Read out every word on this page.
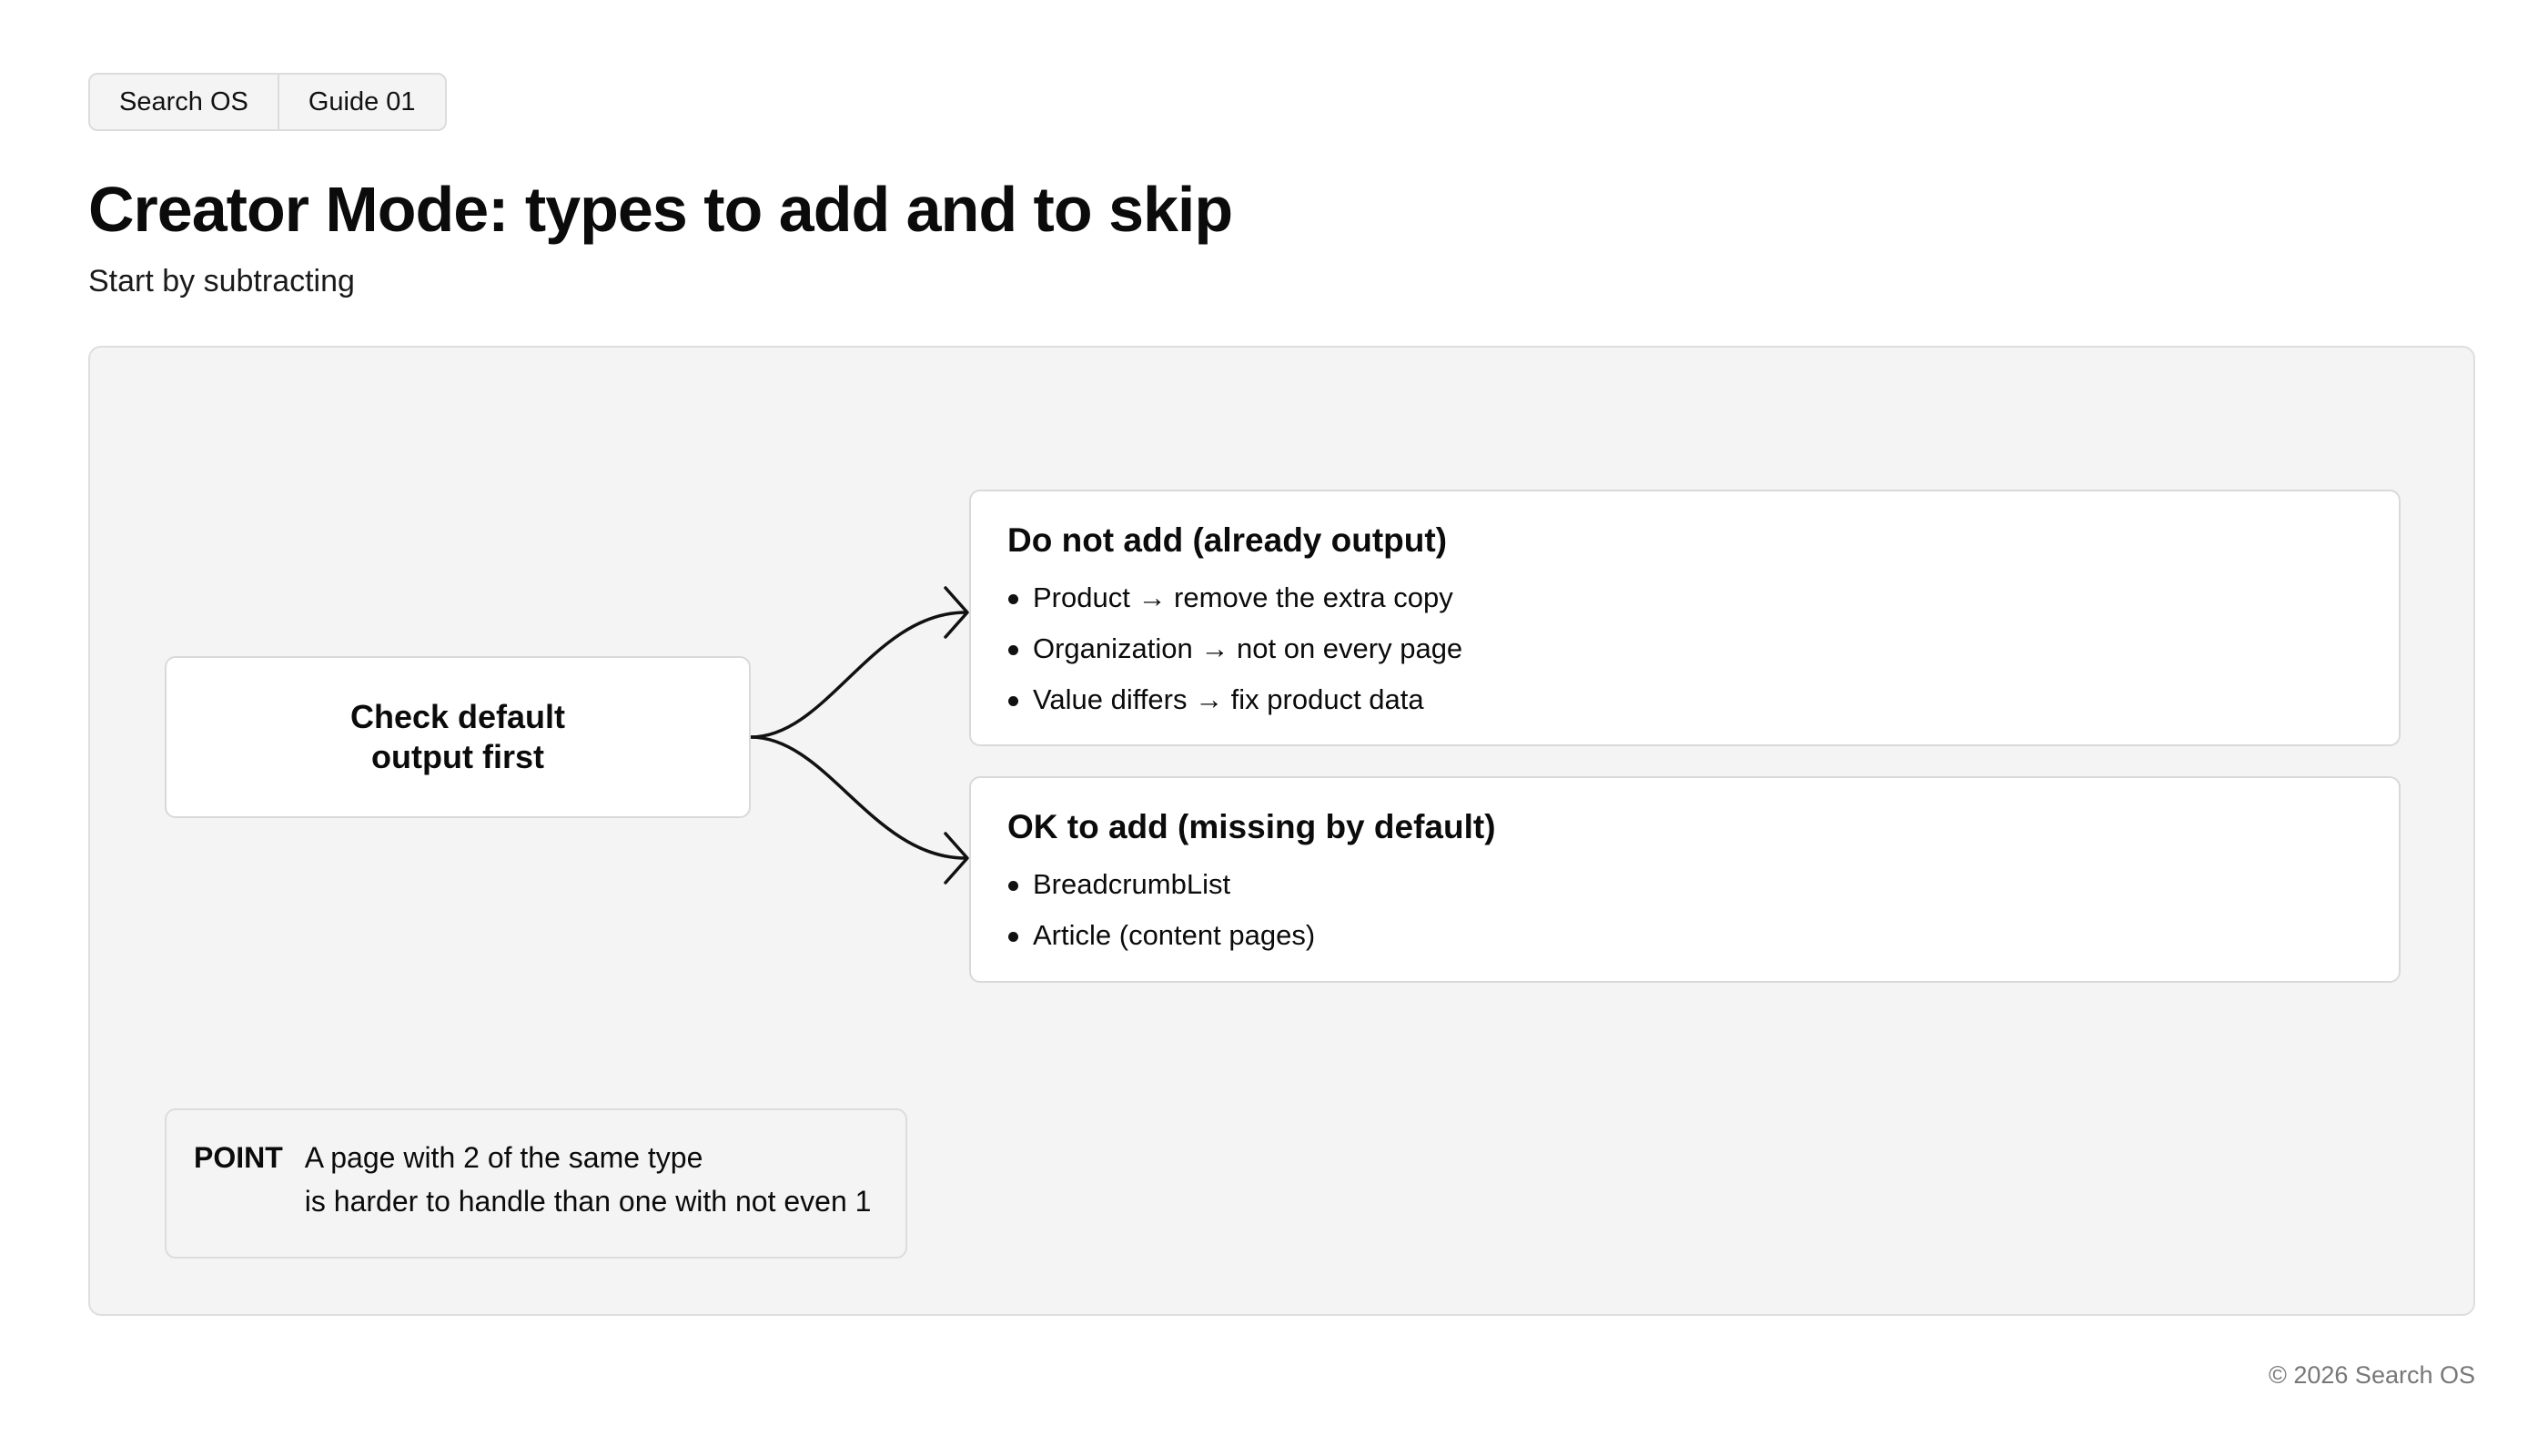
Search OS	Guide 01
Creator Mode: types to add and to skip
Start by subtracting
Check default
output first
Do not add (already output)
Product → remove the extra copy
Organization → not on every page
Value differs → fix product data
OK to add (missing by default)
BreadcrumbList
Article (content pages)
POINT A page with 2 of the same type
is harder to handle than one with not even 1
© 2026 Search OS
